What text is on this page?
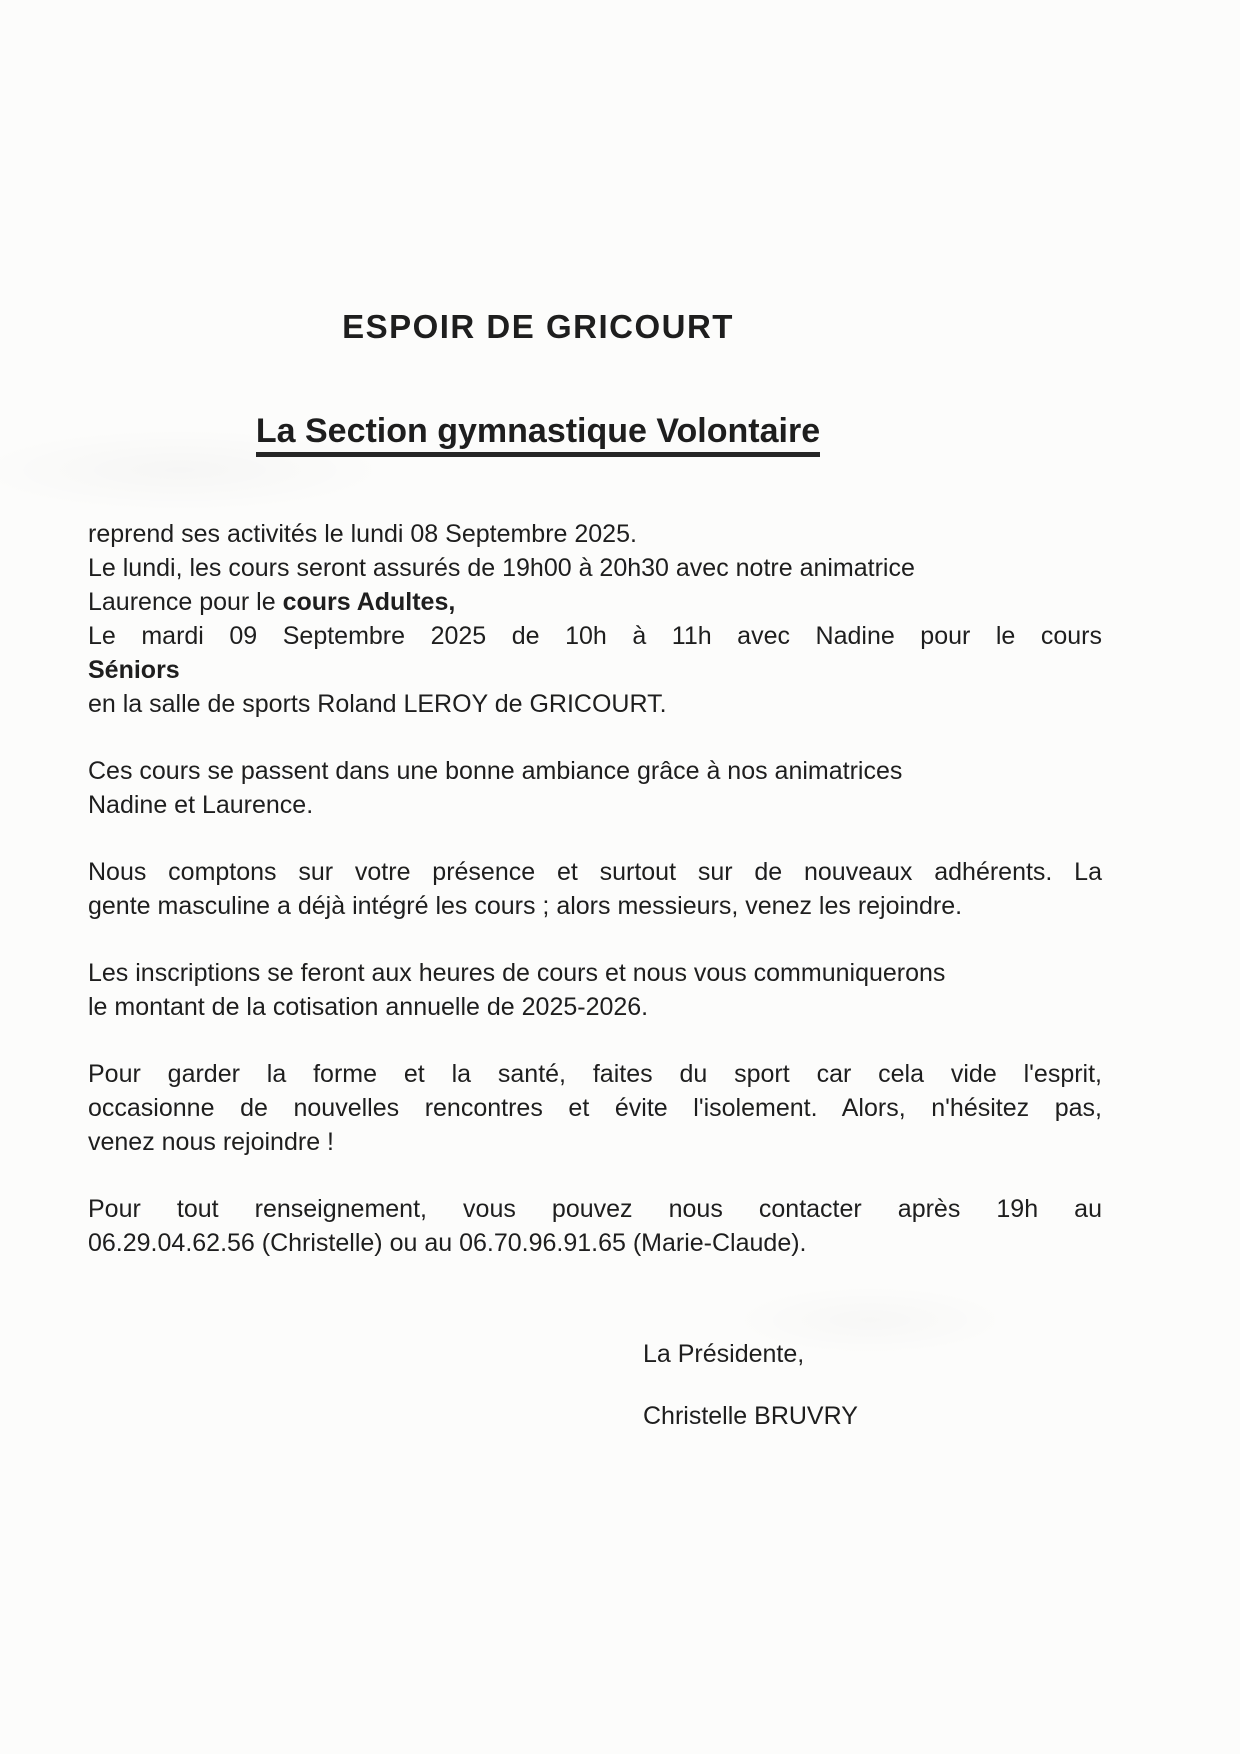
ESPOIR DE GRICOURT
La Section gymnastique Volontaire
reprend ses activités le lundi 08 Septembre 2025.
Le lundi, les cours seront assurés de 19h00 à 20h30 avec notre animatrice
Laurence pour le cours Adultes,
Le mardi 09 Septembre 2025 de 10h à 11h avec Nadine pour le cours
Séniors
en la salle de sports Roland LEROY de GRICOURT.
Ces cours se passent dans une bonne ambiance grâce à nos animatrices
Nadine et Laurence.
Nous comptons sur votre présence et surtout sur de nouveaux adhérents. La
gente masculine a déjà intégré les cours ; alors messieurs, venez les rejoindre.
Les inscriptions se feront aux heures de cours et nous vous communiquerons
le montant de la cotisation annuelle de 2025-2026.
Pour garder la forme et la santé, faites du sport car cela vide l'esprit,
occasionne de nouvelles rencontres et évite l'isolement. Alors, n'hésitez pas,
venez nous rejoindre !
Pour tout renseignement, vous pouvez nous contacter après 19h au
06.29.04.62.56 (Christelle) ou au 06.70.96.91.65 (Marie-Claude).
La Présidente,
Christelle BRUVRY
